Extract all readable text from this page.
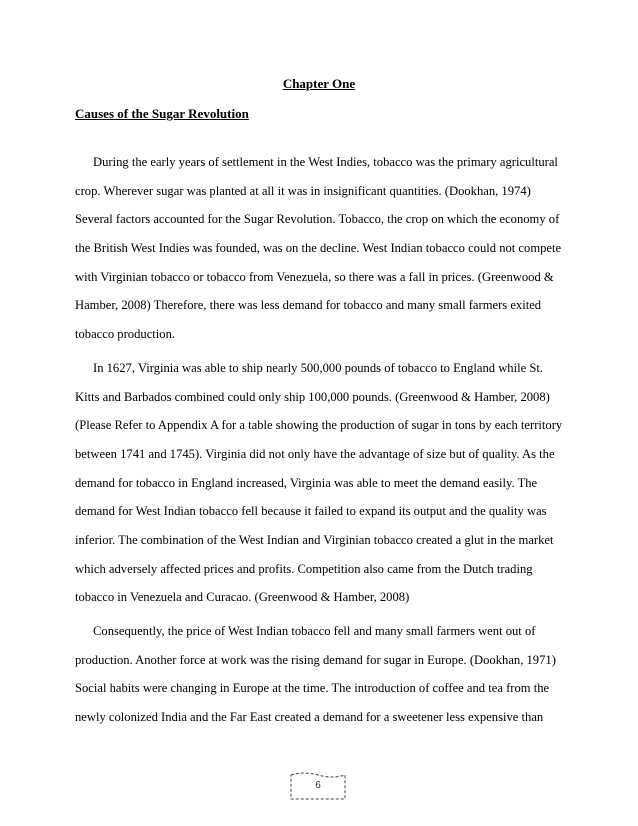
Chapter One
Causes of the Sugar Revolution

During the early years of settlement in the West Indies, tobacco was the primary agricultural
crop. Wherever sugar was planted at all it was in insignificant quantities. (Dookhan, 1974)
Several factors accounted for the Sugar Revolution. Tobacco, the crop on which the economy of
the British West Indies was founded, was on the decline. West Indian tobacco could not compete
with Virginian tobacco or tobacco from Venezuela, so there was a fall in prices. (Greenwood &
Hamber, 2008) Therefore, there was less demand for tobacco and many small farmers exited
tobacco production.

In 1627, Virginia was able to ship nearly 500,000 pounds of tobacco to England while St.
Kitts and Barbados combined could only ship 100,000 pounds. (Greenwood & Hamber, 2008)
(Please Refer to Appendix A for a table showing the production of sugar in tons by each territory
between 1741 and 1745). Virginia did not only have the advantage of size but of quality. As the
demand for tobacco in England increased, Virginia was able to meet the demand easily. The
demand for West Indian tobacco fell because it failed to expand its output and the quality was
inferior. The combination of the West Indian and Virginian tobacco created a glut in the market
which adversely affected prices and profits. Competition also came from the Dutch trading
tobacco in Venezuela and Curacao. (Greenwood & Hamber, 2008)

Consequently, the price of West Indian tobacco fell and many small farmers went out of
production. Another force at work was the rising demand for sugar in Europe. (Dookhan, 1971)
Social habits were changing in Europe at the time. The introduction of coffee and tea from the
newly colonized India and the Far East created a demand for a sweetener less expensive than

6
